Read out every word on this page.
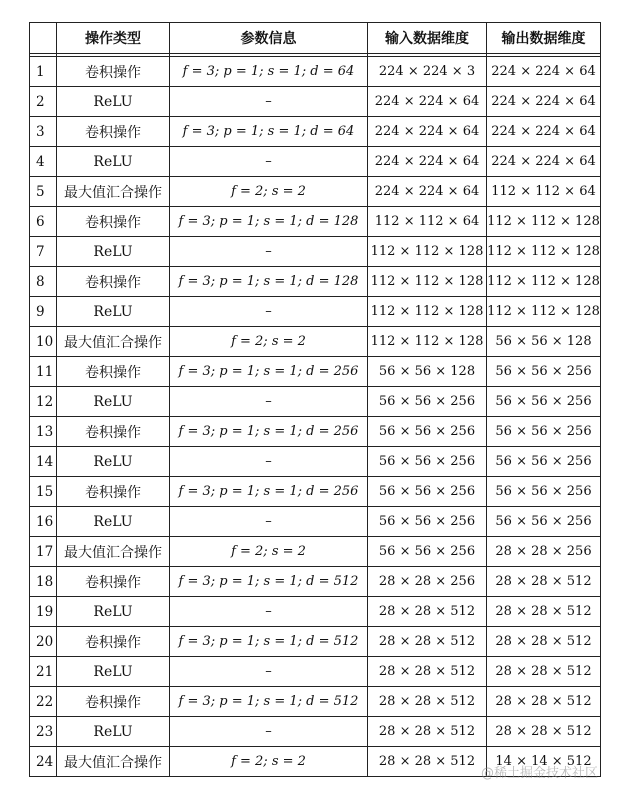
	操作类型	参数信息	输入数据维度	输出数据维度

1	卷积操作	f = 3; p = 1; s = 1; d = 64	224 × 224 × 3	224 × 224 × 64
2	ReLU	–	224 × 224 × 64	224 × 224 × 64
3	卷积操作	f = 3; p = 1; s = 1; d = 64	224 × 224 × 64	224 × 224 × 64
4	ReLU	–	224 × 224 × 64	224 × 224 × 64
5	最大值汇合操作	f = 2; s = 2	224 × 224 × 64	112 × 112 × 64
6	卷积操作	f = 3; p = 1; s = 1; d = 128	112 × 112 × 64	112 × 112 × 128
7	ReLU	–	112 × 112 × 128	112 × 112 × 128
8	卷积操作	f = 3; p = 1; s = 1; d = 128	112 × 112 × 128	112 × 112 × 128
9	ReLU	–	112 × 112 × 128	112 × 112 × 128
10	最大值汇合操作	f = 2; s = 2	112 × 112 × 128	56 × 56 × 128
11	卷积操作	f = 3; p = 1; s = 1; d = 256	56 × 56 × 128	56 × 56 × 256
12	ReLU	–	56 × 56 × 256	56 × 56 × 256
13	卷积操作	f = 3; p = 1; s = 1; d = 256	56 × 56 × 256	56 × 56 × 256
14	ReLU	–	56 × 56 × 256	56 × 56 × 256
15	卷积操作	f = 3; p = 1; s = 1; d = 256	56 × 56 × 256	56 × 56 × 256
16	ReLU	–	56 × 56 × 256	56 × 56 × 256
17	最大值汇合操作	f = 2; s = 2	56 × 56 × 256	28 × 28 × 256
18	卷积操作	f = 3; p = 1; s = 1; d = 512	28 × 28 × 256	28 × 28 × 512
19	ReLU	–	28 × 28 × 512	28 × 28 × 512
20	卷积操作	f = 3; p = 1; s = 1; d = 512	28 × 28 × 512	28 × 28 × 512
21	ReLU	–	28 × 28 × 512	28 × 28 × 512
22	卷积操作	f = 3; p = 1; s = 1; d = 512	28 × 28 × 512	28 × 28 × 512
23	ReLU	–	28 × 28 × 512	28 × 28 × 512
24	最大值汇合操作	f = 2; s = 2	28 × 28 × 512	14 × 14 × 512
@稀土掘金技术社区
